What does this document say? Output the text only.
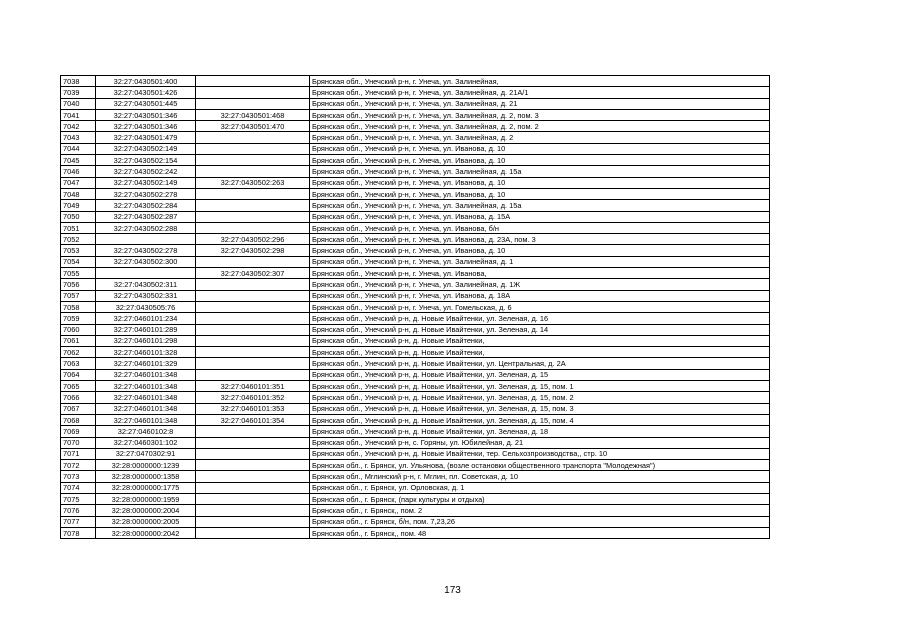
7038	32:27:0430501:400		Брянская обл., Унечский р-н, г. Унеча, ул. Залинейная,
7039	32:27:0430501:426		Брянская обл., Унечский р-н, г. Унеча, ул. Залинейная, д. 21А/1
7040	32:27:0430501:445		Брянская обл., Унечский р-н, г. Унеча, ул. Залинейная, д. 21
7041	32:27:0430501:346	32:27:0430501:468	Брянская обл., Унечский р-н, г. Унеча, ул. Залинейная, д. 2, пом. 3
7042	32:27:0430501:346	32:27:0430501:470	Брянская обл., Унечский р-н, г. Унеча, ул. Залинейная, д. 2, пом. 2
7043	32:27:0430501:479		Брянская обл., Унечский р-н, г. Унеча, ул. Залинейная, д. 2
7044	32:27:0430502:149		Брянская обл., Унечский р-н, г. Унеча, ул. Иванова, д. 10
7045	32:27:0430502:154		Брянская обл., Унечский р-н, г. Унеча, ул. Иванова, д. 10
7046	32:27:0430502:242		Брянская обл., Унечский р-н, г. Унеча, ул. Залинейная, д. 15а
7047	32:27:0430502:149	32:27:0430502:263	Брянская обл., Унечский р-н, г. Унеча, ул. Иванова, д. 10
7048	32:27:0430502:278		Брянская обл., Унечский р-н, г. Унеча, ул. Иванова, д. 10
7049	32:27:0430502:284		Брянская обл., Унечский р-н, г. Унеча, ул. Залинейная, д. 15а
7050	32:27:0430502:287		Брянская обл., Унечский р-н, г. Унеча, ул. Иванова, д. 15А
7051	32:27:0430502:288		Брянская обл., Унечский р-н, г. Унеча, ул. Иванова, б/н
7052		32:27:0430502:296	Брянская обл., Унечский р-н, г. Унеча, ул. Иванова, д. 23А, пом. 3
7053	32:27:0430502:278	32:27:0430502:298	Брянская обл., Унечский р-н, г. Унеча, ул. Иванова, д. 10
7054	32:27:0430502:300		Брянская обл., Унечский р-н, г. Унеча, ул. Залинейная, д. 1
7055		32:27:0430502:307	Брянская обл., Унечский р-н, г. Унеча, ул. Иванова,
7056	32:27:0430502:311		Брянская обл., Унечский р-н, г. Унеча, ул. Залинейная, д. 1Ж
7057	32:27:0430502:331		Брянская обл., Унечский р-н, г. Унеча, ул. Иванова, д. 18А
7058	32:27:0430505:76		Брянская обл., Унечский р-н, г. Унеча, ул. Гомельская, д. 6
7059	32:27:0460101:234		Брянская обл., Унечский р-н, д. Новые Ивайтенки, ул. Зеленая, д. 16
7060	32:27:0460101:289		Брянская обл., Унечский р-н, д. Новые Ивайтенки, ул. Зеленая, д. 14
7061	32:27:0460101:298		Брянская обл., Унечский р-н, д. Новые Ивайтенки,
7062	32:27:0460101:328		Брянская обл., Унечский р-н, д. Новые Ивайтенки,
7063	32:27:0460101:329		Брянская обл., Унечский р-н, д. Новые Ивайтенки, ул. Центральная, д. 2А
7064	32:27:0460101:348		Брянская обл., Унечский р-н, д. Новые Ивайтенки, ул. Зеленая, д. 15
7065	32:27:0460101:348	32:27:0460101:351	Брянская обл., Унечский р-н, д. Новые Ивайтенки, ул. Зеленая, д. 15, пом. 1
7066	32:27:0460101:348	32:27:0460101:352	Брянская обл., Унечский р-н, д. Новые Ивайтенки, ул. Зеленая, д. 15, пом. 2
7067	32:27:0460101:348	32:27:0460101:353	Брянская обл., Унечский р-н, д. Новые Ивайтенки, ул. Зеленая, д. 15, пом. 3
7068	32:27:0460101:348	32:27:0460101:354	Брянская обл., Унечский р-н, д. Новые Ивайтенки, ул. Зеленая, д. 15, пом. 4
7069	32:27:0460102:8		Брянская обл., Унечский р-н, д. Новые Ивайтенки, ул. Зеленая, д. 18
7070	32:27:0460301:102		Брянская обл., Унечский р-н, с. Горяны, ул. Юбилейная, д. 21
7071	32:27:0470302:91		Брянская обл., Унечский р-н, д. Новые Ивайтенки, тер. Сельхозпроизводства,, стр. 10
7072	32:28:0000000:1239		Брянская обл., г. Брянск, ул. Ульянова, (возле остановки общественного транспорта "Молодежная")
7073	32:28:0000000:1358		Брянская обл., Мглинский р-н, г. Мглин, пл. Советская, д. 10
7074	32:28:0000000:1775		Брянская обл., г. Брянск, ул. Орловская, д. 1
7075	32:28:0000000:1959		Брянская обл., г. Брянск, (парк культуры и отдыха)
7076	32:28:0000000:2004		Брянская обл., г. Брянск,, пом. 2
7077	32:28:0000000:2005		Брянская обл., г. Брянск, б/н, пом. 7,23,26
7078	32:28:0000000:2042		Брянская обл., г. Брянск,, пом. 48
173
